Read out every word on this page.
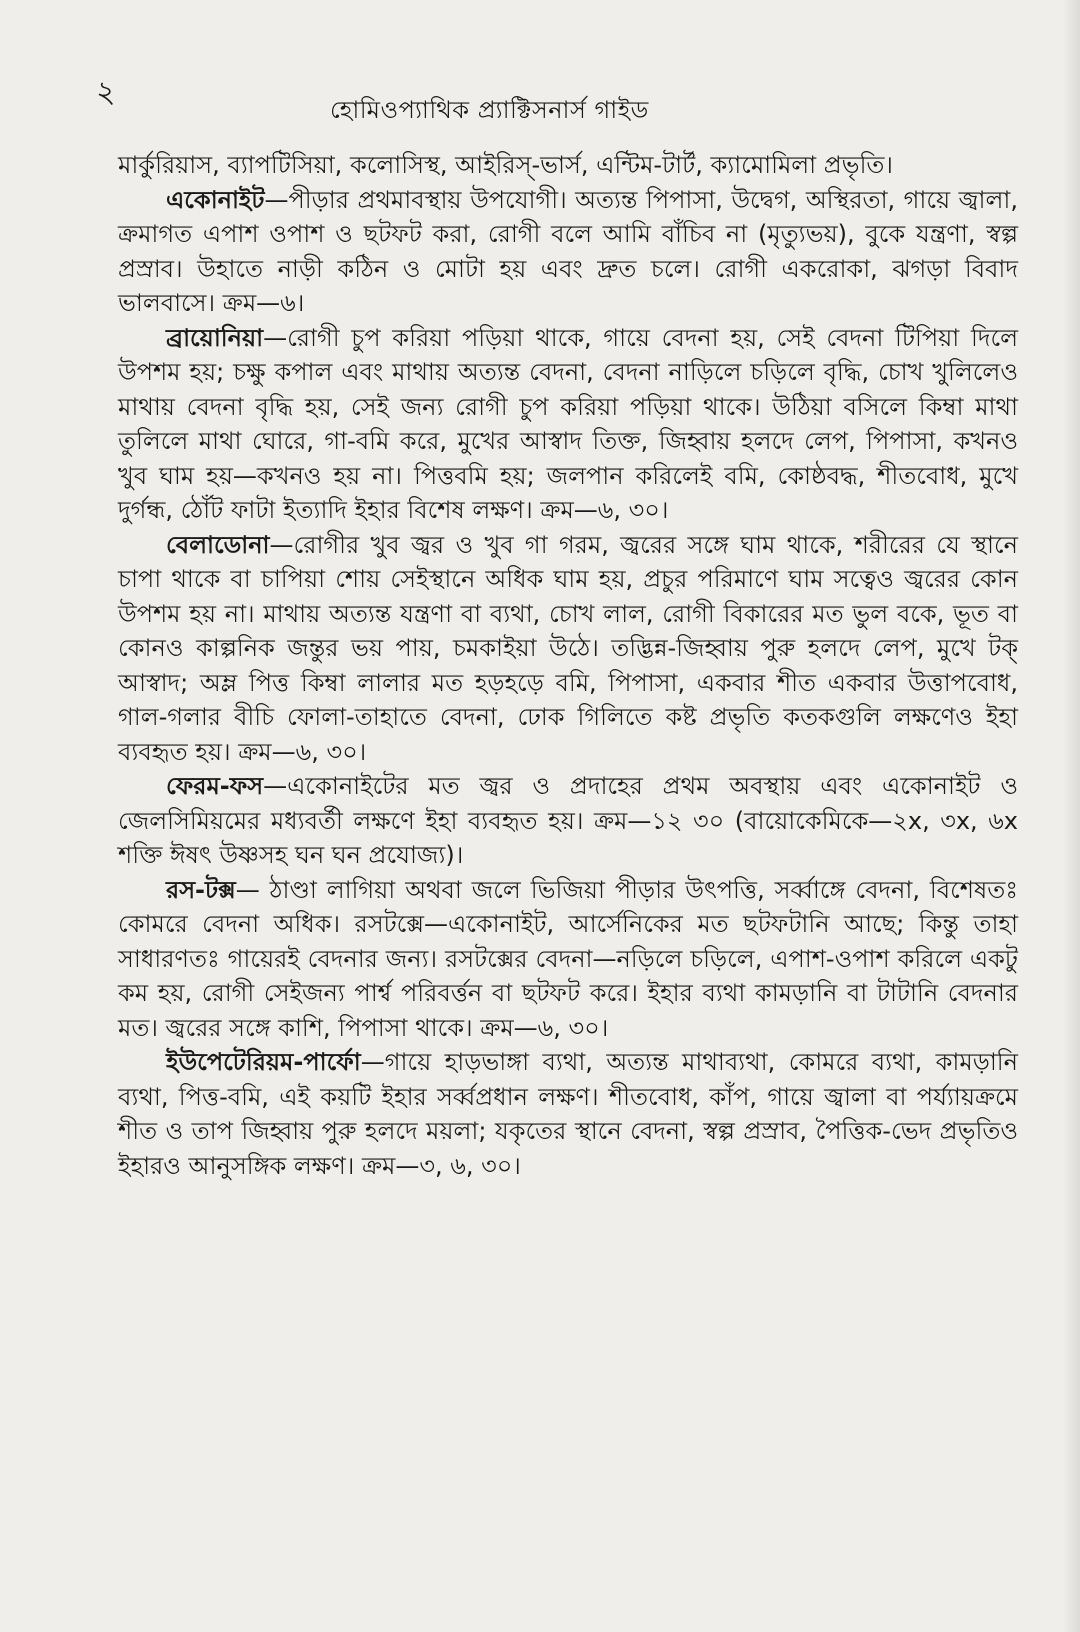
২	হোমিওপ্যাথিক প্র্যাক্টিসনার্স গাইড

মার্কুরিয়াস, ব্যাপটিসিয়া, কলোসিস্থ, আইরিস্-ভার্স, এন্টিম-টার্ট, ক্যামোমিলা প্রভৃতি।

একোনাইট—পীড়ার প্রথমাবস্থায় উপযোগী। অত্যন্ত পিপাসা, উদ্বেগ, অস্থিরতা, গায়ে জ্বালা, ক্রমাগত এপাশ ওপাশ ও ছটফট করা, রোগী বলে আমি বাঁচিব না (মৃত্যুভয়), বুকে যন্ত্রণা, স্বল্প প্রস্রাব। উহাতে নাড়ী কঠিন ও মোটা হয় এবং দ্রুত চলে। রোগী একরোকা, ঝগড়া বিবাদ ভালবাসে। ক্রম—৬।

ব্রায়োনিয়া—রোগী চুপ করিয়া পড়িয়া থাকে, গায়ে বেদনা হয়, সেই বেদনা টিপিয়া দিলে উপশম হয়; চক্ষু কপাল এবং মাথায় অত্যন্ত বেদনা, বেদনা নাড়িলে চড়িলে বৃদ্ধি, চোখ খুলিলেও মাথায় বেদনা বৃদ্ধি হয়, সেই জন্য রোগী চুপ করিয়া পড়িয়া থাকে। উঠিয়া বসিলে কিম্বা মাথা তুলিলে মাথা ঘোরে, গা-বমি করে, মুখের আস্বাদ তিক্ত, জিহ্বায় হলদে লেপ, পিপাসা, কখনও খুব ঘাম হয়—কখনও হয় না। পিত্তবমি হয়; জলপান করিলেই বমি, কোষ্ঠবদ্ধ, শীতবোধ, মুখে দুর্গন্ধ, ঠোঁট ফাটা ইত্যাদি ইহার বিশেষ লক্ষণ। ক্রম—৬, ৩০।

বেলাডোনা—রোগীর খুব জ্বর ও খুব গা গরম, জ্বরের সঙ্গে ঘাম থাকে, শরীরের যে স্থানে চাপা থাকে বা চাপিয়া শোয় সেইস্থানে অধিক ঘাম হয়, প্রচুর পরিমাণে ঘাম সত্বেও জ্বরের কোন উপশম হয় না। মাথায় অত্যন্ত যন্ত্রণা বা ব্যথা, চোখ লাল, রোগী বিকারের মত ভুল বকে, ভূত বা কোনও কাল্পনিক জন্তুর ভয় পায়, চমকাইয়া উঠে। তদ্ভিন্ন-জিহ্বায় পুরু হলদে লেপ, মুখে টক্ আস্বাদ; অম্ল পিত্ত কিম্বা লালার মত হড়হড়ে বমি, পিপাসা, একবার শীত একবার উত্তাপবোধ, গাল-গলার বীচি ফোলা-তাহাতে বেদনা, ঢোক গিলিতে কষ্ট প্রভৃতি কতকগুলি লক্ষণেও ইহা ব্যবহৃত হয়। ক্রম—৬, ৩০।

ফেরম-ফস—একোনাইটের মত জ্বর ও প্রদাহের প্রথম অবস্থায় এবং একোনাইট ও জেলসিমিয়মের মধ্যবর্তী লক্ষণে ইহা ব্যবহৃত হয়। ক্রম—১২ ৩০ (বায়োকেমিকে—২x, ৩x, ৬x শক্তি ঈষৎ উষ্ণসহ ঘন ঘন প্রযোজ্য)।

রস-টক্স— ঠাণ্ডা লাগিয়া অথবা জলে ভিজিয়া পীড়ার উৎপত্তি, সর্ব্বাঙ্গে বেদনা, বিশেষতঃ কোমরে বেদনা অধিক। রসটক্সে—একোনাইট, আর্সেনিকের মত ছটফটানি আছে; কিন্তু তাহা সাধারণতঃ গায়েরই বেদনার জন্য। রসটক্সের বেদনা—নড়িলে চড়িলে, এপাশ-ওপাশ করিলে একটু কম হয়, রোগী সেইজন্য পার্শ্ব পরিবর্ত্তন বা ছটফট করে। ইহার ব্যথা কামড়ানি বা টাটানি বেদনার মত। জ্বরের সঙ্গে কাশি, পিপাসা থাকে। ক্রম—৬, ৩০।

ইউপেটেরিয়ম-পার্ফো—গায়ে হাড়ভাঙ্গা ব্যথা, অত্যন্ত মাথাব্যথা, কোমরে ব্যথা, কামড়ানি ব্যথা, পিত্ত-বমি, এই কয়টি ইহার সর্ব্বপ্রধান লক্ষণ। শীতবোধ, কাঁপ, গায়ে জ্বালা বা পর্য্যায়ক্রমে শীত ও তাপ জিহ্বায় পুরু হলদে ময়লা; যকৃতের স্থানে বেদনা, স্বল্প প্রস্রাব, পৈত্তিক-ভেদ প্রভৃতিও ইহারও আনুসঙ্গিক লক্ষণ। ক্রম—৩, ৬, ৩০।
